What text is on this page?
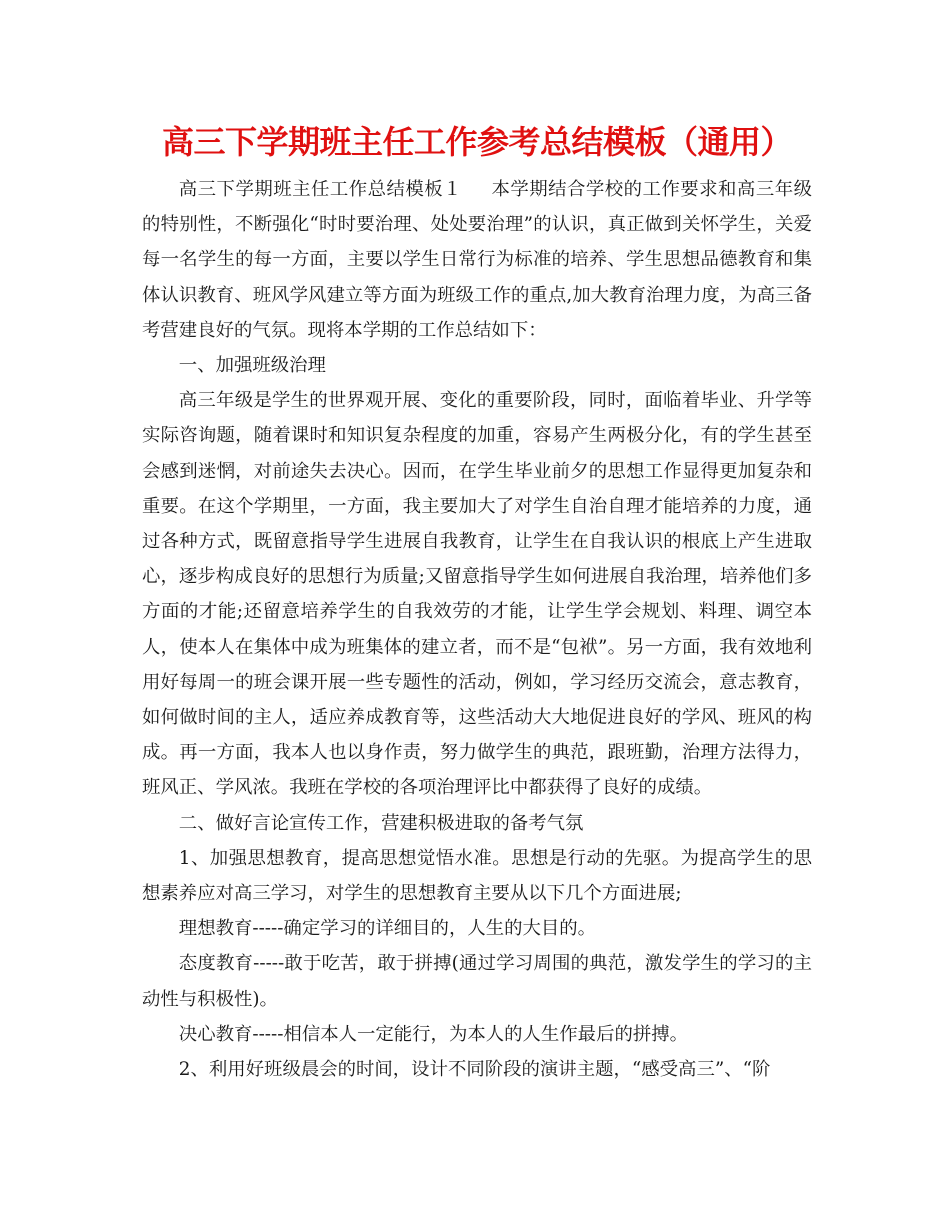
高三下学期班主任工作参考总结模板（通用）

高三下学期班主任工作总结模板１ 本学期结合学校的工作要求和高三年级的特别性，不断强化“时时要治理、处处要治理”的认识，真正做到关怀学生，关爱每一名学生的每一方面，主要以学生日常行为标准的培养、学生思想品德教育和集体认识教育、班风学风建立等方面为班级工作的重点,加大教育治理力度，为高三备考营建良好的气氛。现将本学期的工作总结如下：

一、加强班级治理

高三年级是学生的世界观开展、变化的重要阶段，同时，面临着毕业、升学等实际咨询题，随着课时和知识复杂程度的加重，容易产生两极分化，有的学生甚至会感到迷惘，对前途失去决心。因而，在学生毕业前夕的思想工作显得更加复杂和重要。在这个学期里，一方面，我主要加大了对学生自治自理才能培养的力度，通过各种方式，既留意指导学生进展自我教育，让学生在自我认识的根底上产生进取心，逐步构成良好的思想行为质量;又留意指导学生如何进展自我治理，培养他们多方面的才能;还留意培养学生的自我效劳的才能，让学生学会规划、料理、调空本人，使本人在集体中成为班集体的建立者，而不是“包袱”。另一方面，我有效地利用好每周一的班会课开展一些专题性的活动，例如，学习经历交流会，意志教育，如何做时间的主人，适应养成教育等，这些活动大大地促进良好的学风、班风的构成。再一方面，我本人也以身作责，努力做学生的典范，跟班勤，治理方法得力，班风正、学风浓。我班在学校的各项治理评比中都获得了良好的成绩。

二、做好言论宣传工作，营建积极进取的备考气氛

1、加强思想教育，提高思想觉悟水准。思想是行动的先驱。为提高学生的思想素养应对高三学习，对学生的思想教育主要从以下几个方面进展;

理想教育-----确定学习的详细目的，人生的大目的。

态度教育-----敢于吃苦，敢于拼搏(通过学习周围的典范，激发学生的学习的主动性与积极性)。

决心教育-----相信本人一定能行，为本人的人生作最后的拼搏。

2、利用好班级晨会的时间，设计不同阶段的演讲主题，“感受高三”、“阶
